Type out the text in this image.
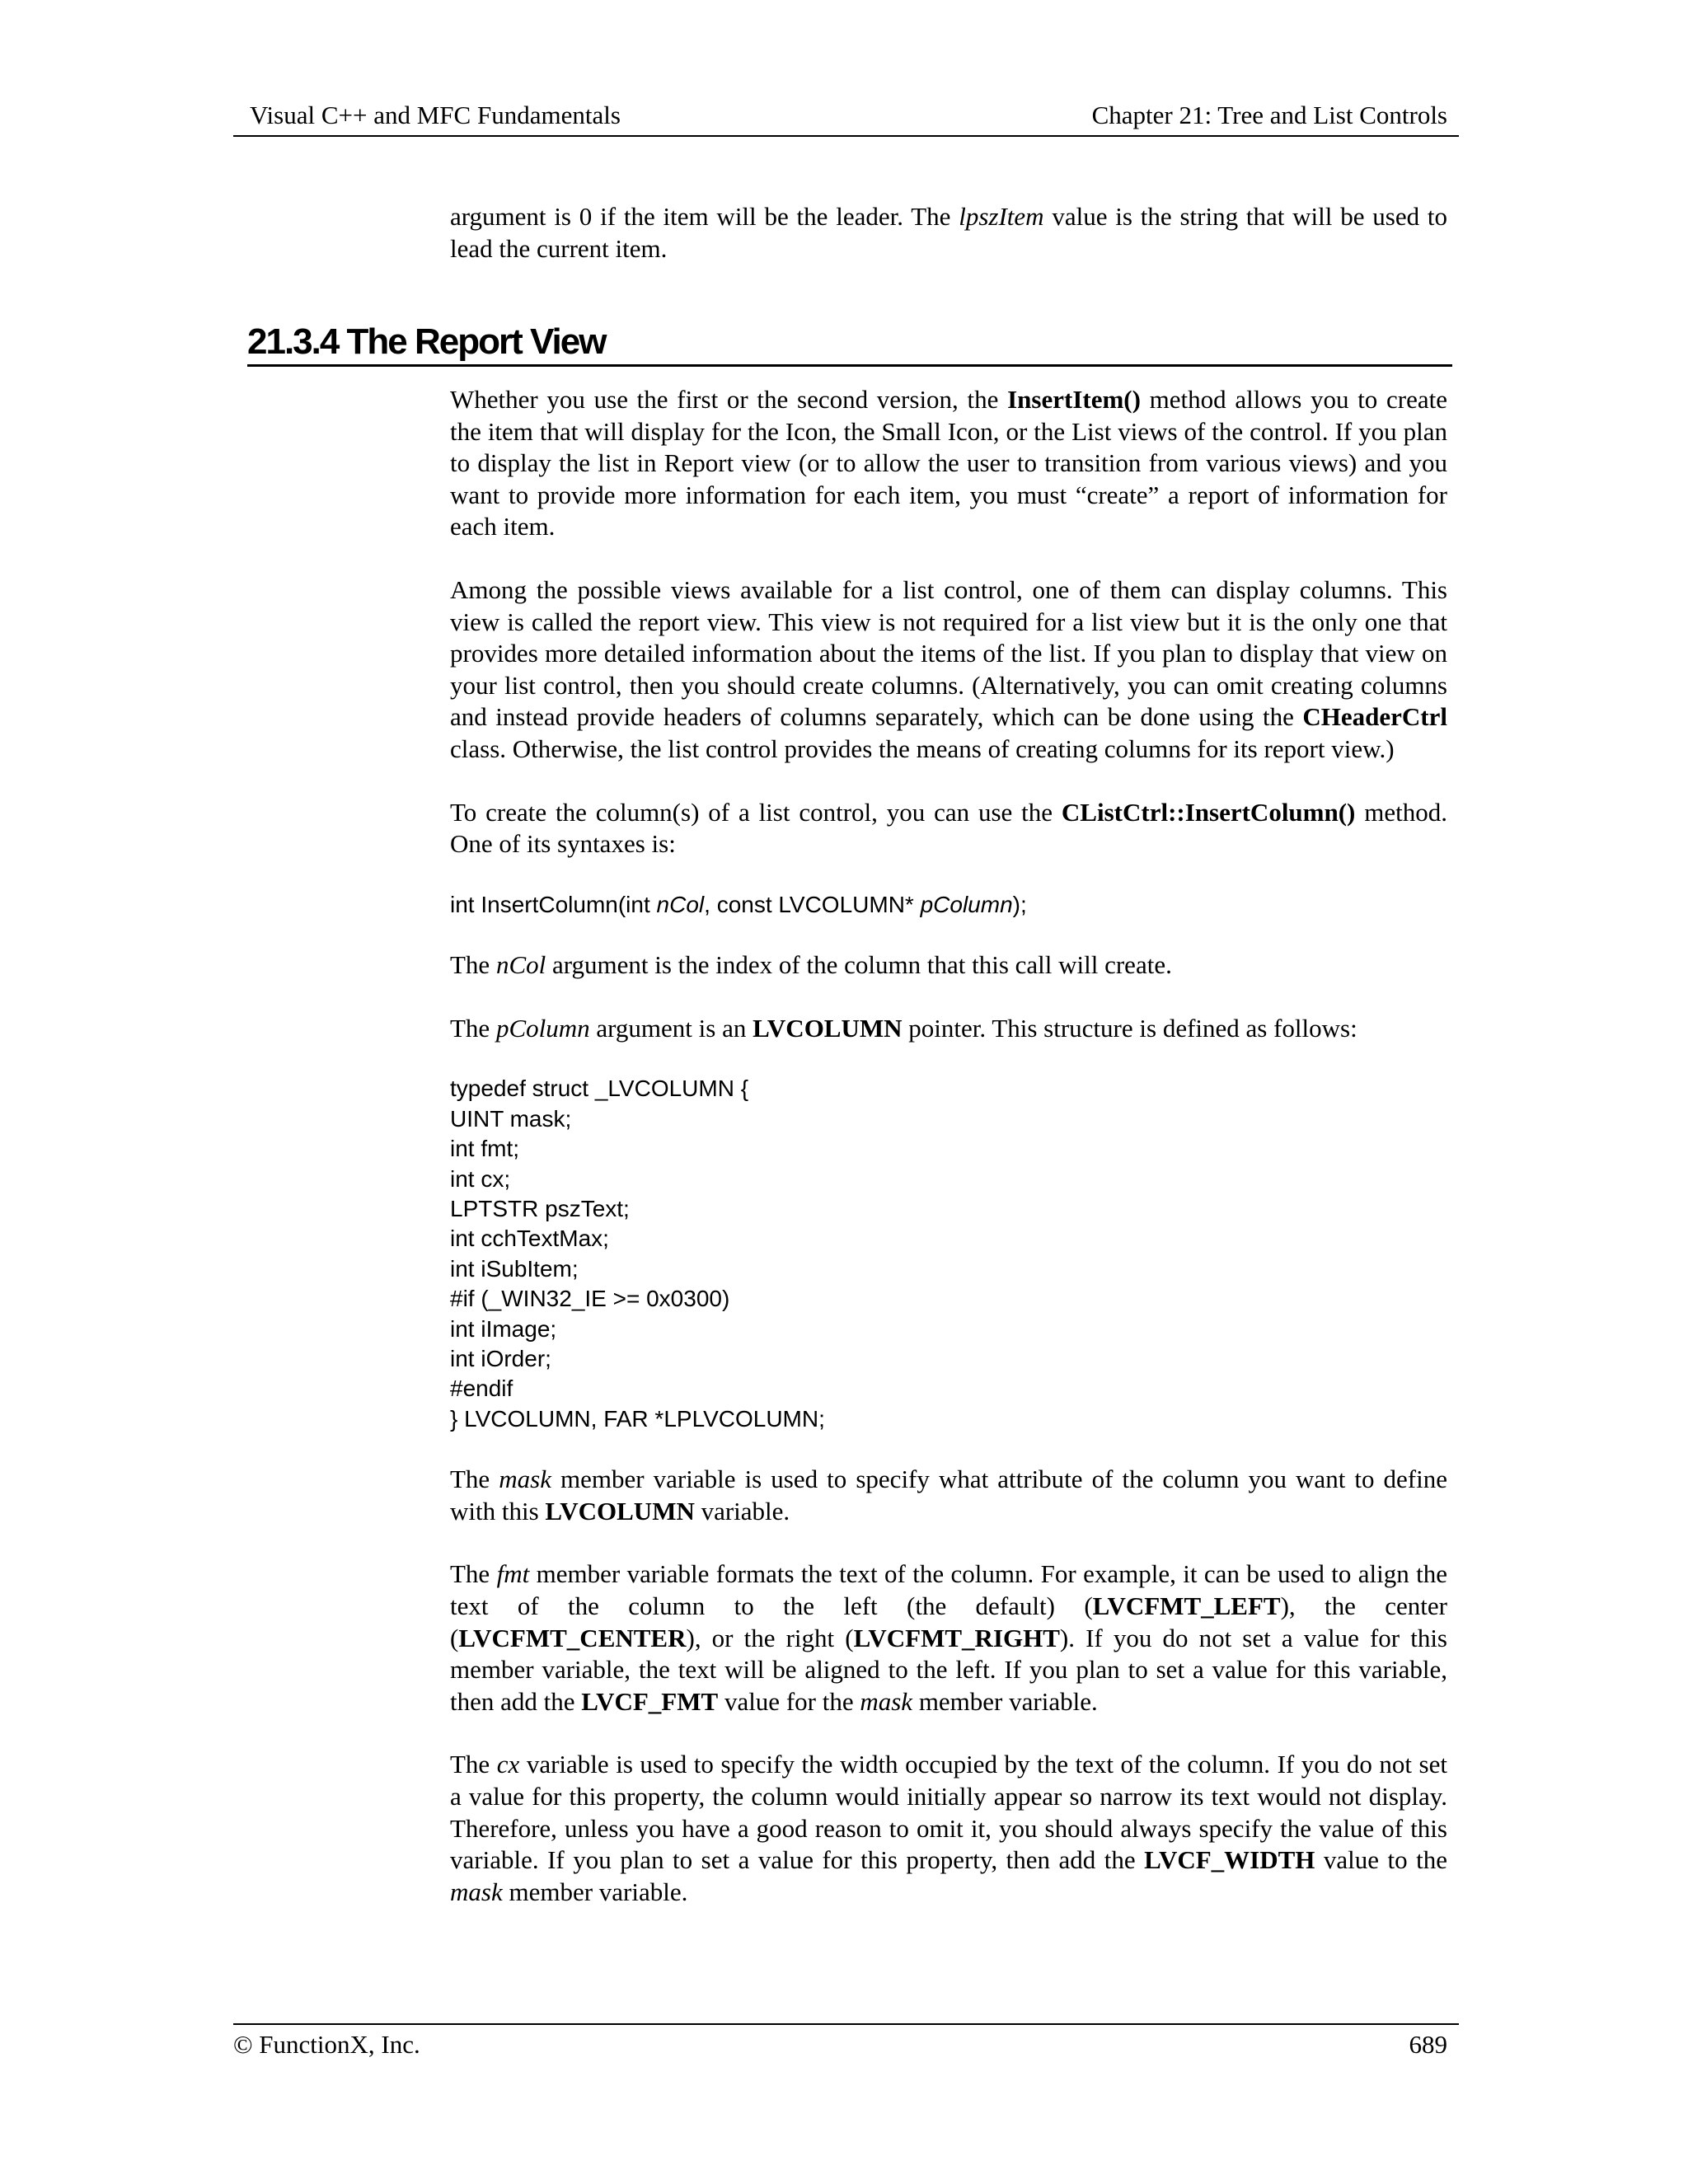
Visual C++ and MFC Fundamentals	Chapter 21: Tree and List Controls

argument is 0 if the item will be the leader. The lpszItem value is the string that will be used to lead the current item.

21.3.4 The Report View

Whether you use the first or the second version, the InsertItem() method allows you to create the item that will display for the Icon, the Small Icon, or the List views of the control. If you plan to display the list in Report view (or to allow the user to transition from various views) and you want to provide more information for each item, you must “create” a report of information for each item.

Among the possible views available for a list control, one of them can display columns. This view is called the report view. This view is not required for a list view but it is the only one that provides more detailed information about the items of the list. If you plan to display that view on your list control, then you should create columns. (Alternatively, you can omit creating columns and instead provide headers of columns separately, which can be done using the CHeaderCtrl class. Otherwise, the list control provides the means of creating columns for its report view.)

To create the column(s) of a list control, you can use the CListCtrl::InsertColumn() method. One of its syntaxes is:

int InsertColumn(int nCol, const LVCOLUMN* pColumn);

The nCol argument is the index of the column that this call will create.

The pColumn argument is an LVCOLUMN pointer. This structure is defined as follows:

typedef struct _LVCOLUMN {
UINT mask;
int fmt;
int cx;
LPTSTR pszText;
int cchTextMax;
int iSubItem;
#if (_WIN32_IE >= 0x0300)
int iImage;
int iOrder;
#endif
} LVCOLUMN, FAR *LPLVCOLUMN;

The mask member variable is used to specify what attribute of the column you want to define with this LVCOLUMN variable.

The fmt member variable formats the text of the column. For example, it can be used to align the text of the column to the left (the default) (LVCFMT_LEFT), the center (LVCFMT_CENTER), or the right (LVCFMT_RIGHT). If you do not set a value for this member variable, the text will be aligned to the left. If you plan to set a value for this variable, then add the LVCF_FMT value for the mask member variable.

The cx variable is used to specify the width occupied by the text of the column. If you do not set a value for this property, the column would initially appear so narrow its text would not display. Therefore, unless you have a good reason to omit it, you should always specify the value of this variable. If you plan to set a value for this property, then add the LVCF_WIDTH value to the mask member variable.

© FunctionX, Inc.	689
